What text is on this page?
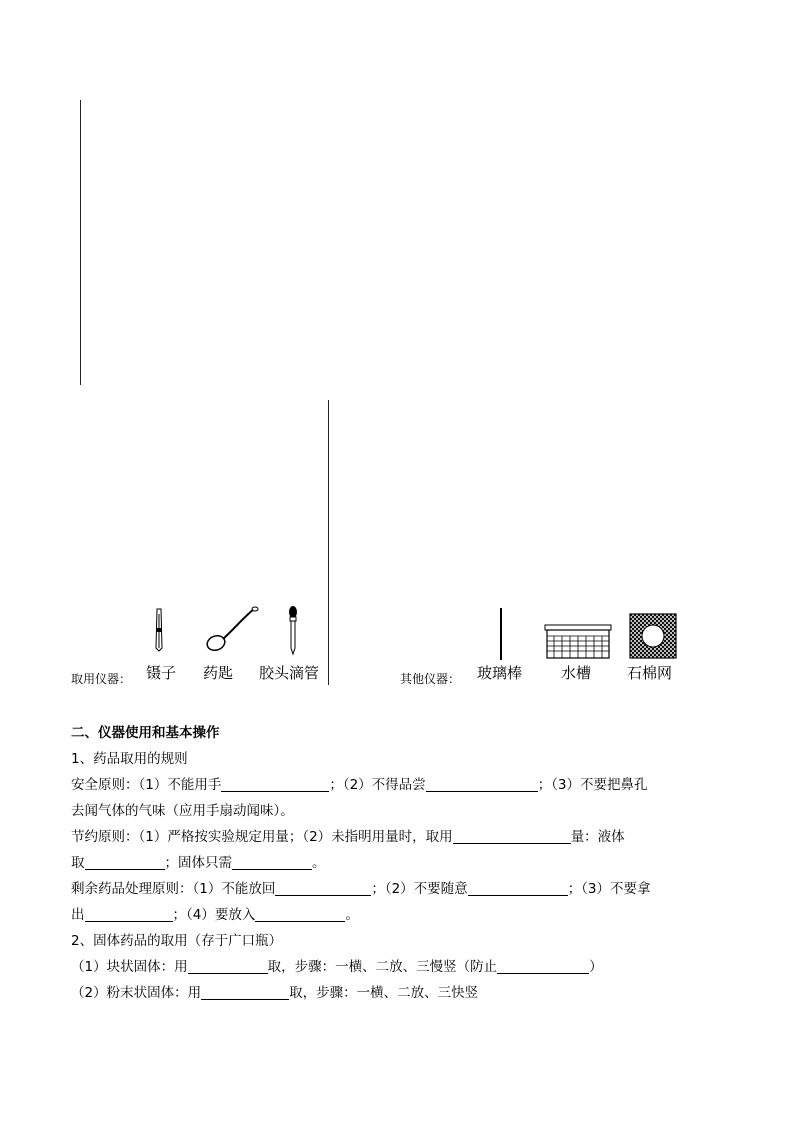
取用仪器： 镊子 药匙 胶头滴管	其他仪器： 玻璃棒	水槽 石棉网

二、仪器使用和基本操作

1、药品取用的规则

安全原则：（1）不能用手	；（2）不得品尝	；（3）不要把鼻孔

去闻气体的气味（应用手扇动闻味）。

节约原则：（1）严格按实验规定用量；（2）未指明用量时，取用	量：液体

取	；固体只需	。

剩余药品处理原则：（1）不能放回	；（2）不要随意	；（3）不要拿

出	；（4）要放入	。

2、固体药品的取用（存于广口瓶）

（1）块状固体：用	取，步骤：一横、二放、三慢竖（防止	）

（2）粉末状固体：用	取，步骤：一横、二放、三快竖
